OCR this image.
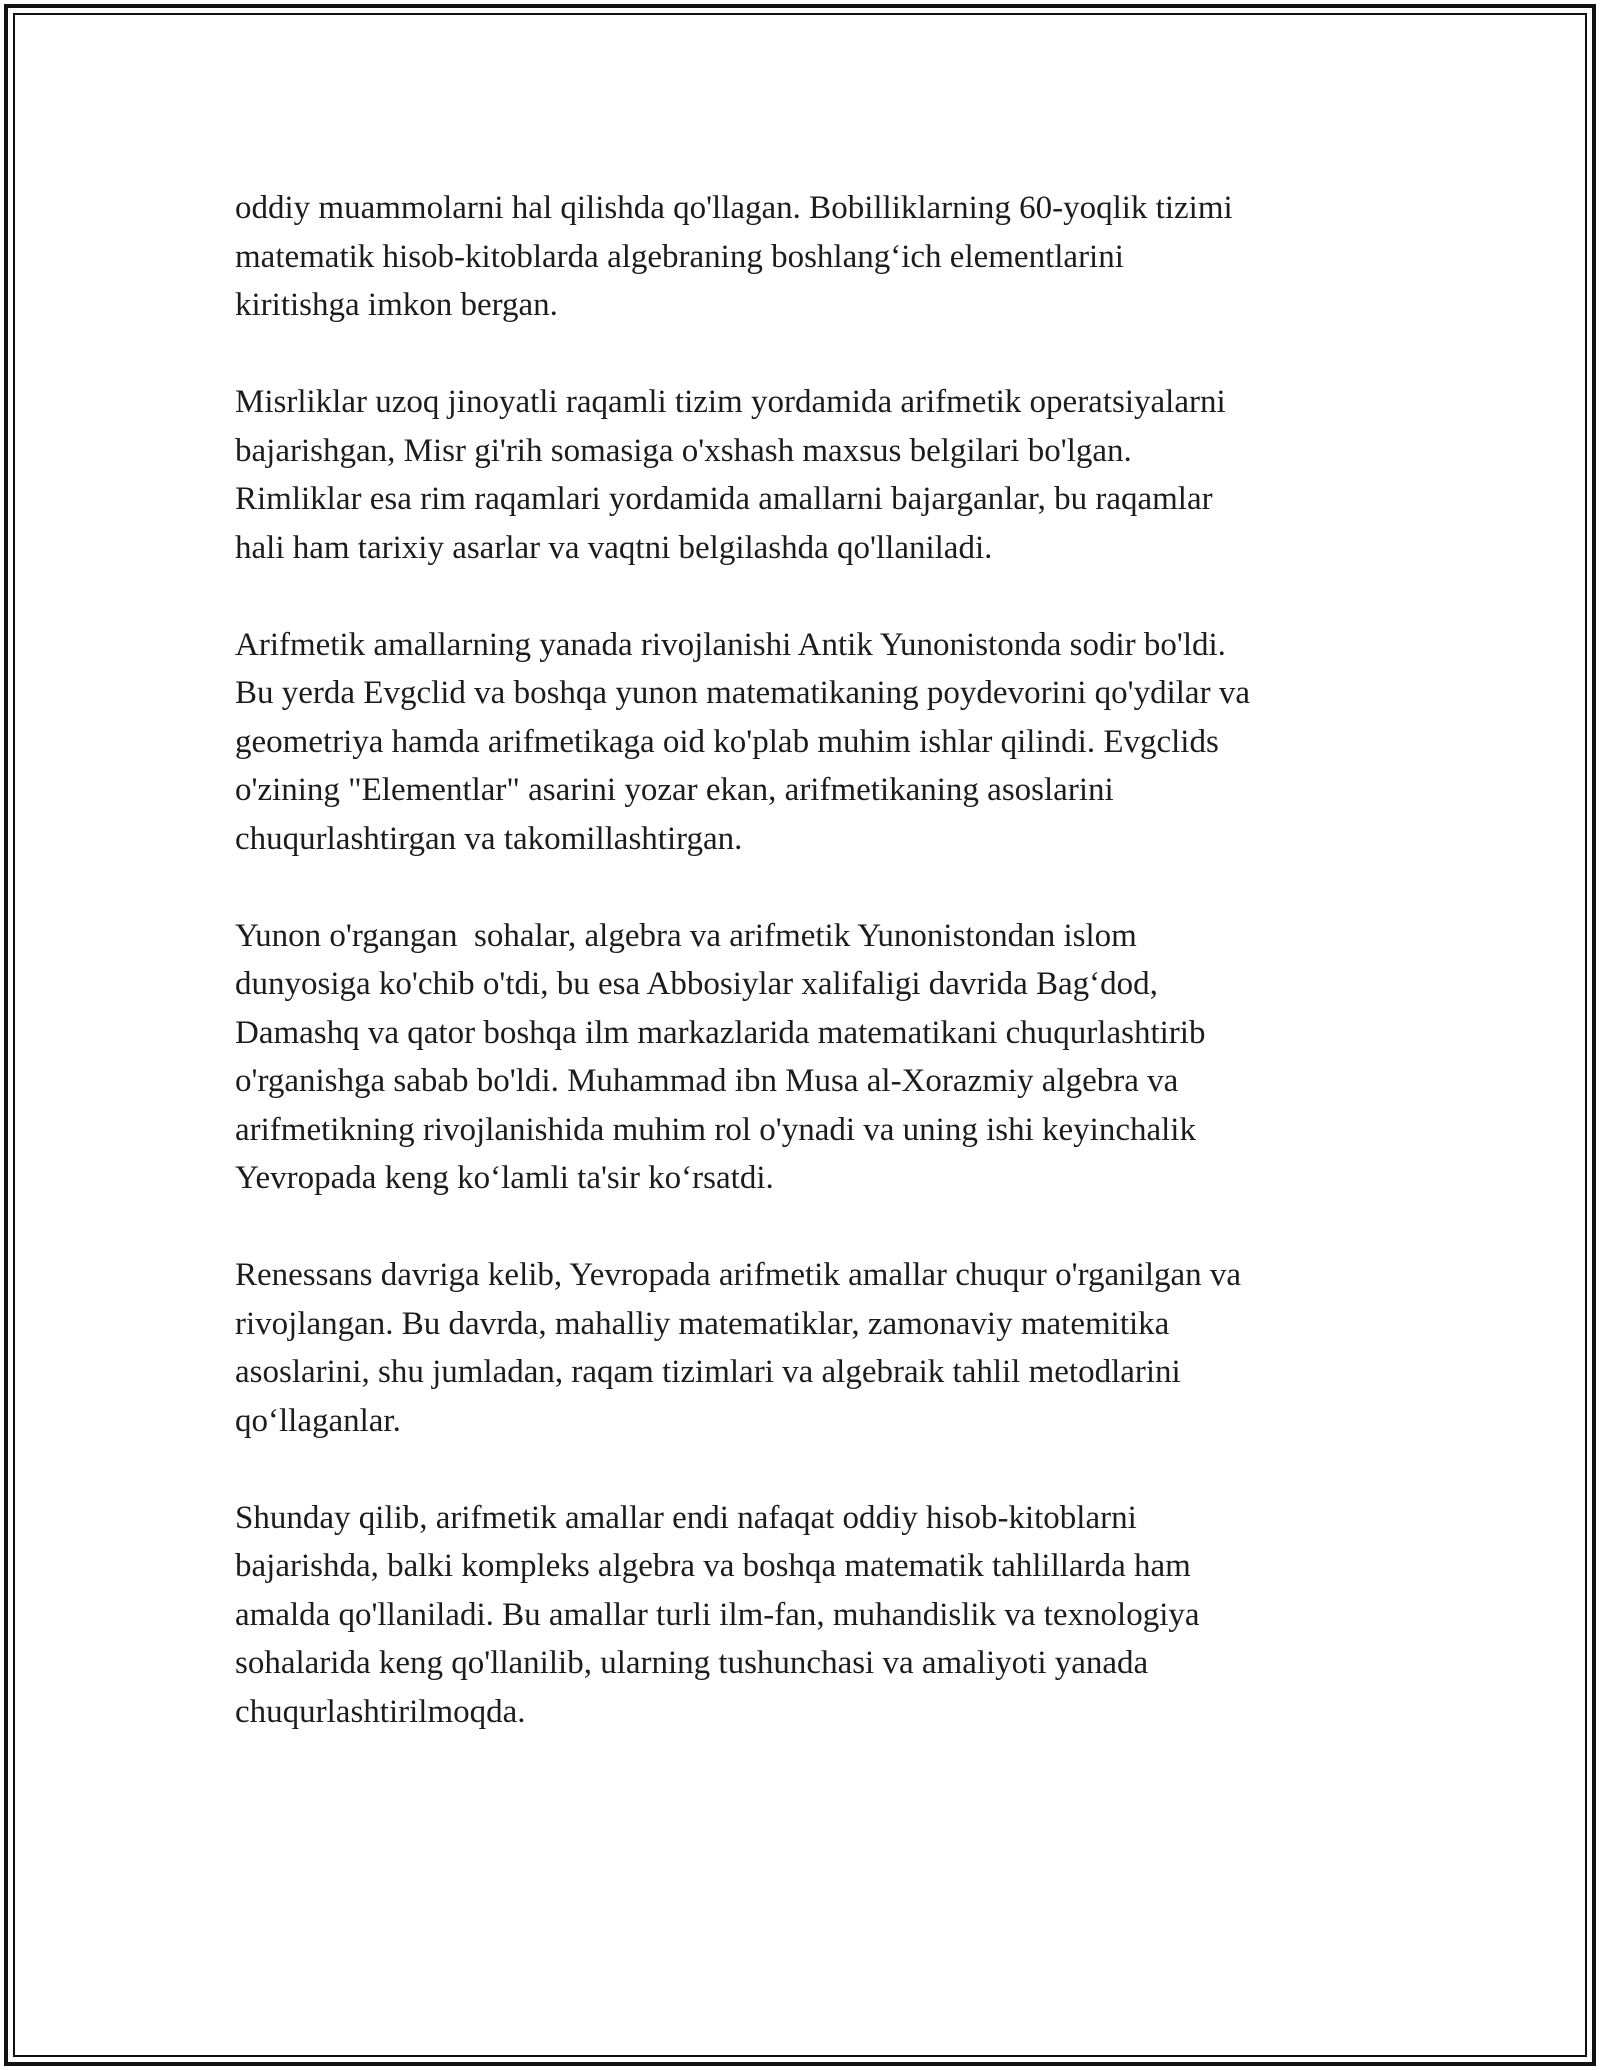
oddiy muammolarni hal qilishda qo'llagan. Bobilliklarning 60-yoqlik tizimi
matematik hisob-kitoblarda algebraning boshlang‘ich elementlarini
kiritishga imkon bergan.

Misrliklar uzoq jinoyatli raqamli tizim yordamida arifmetik operatsiyalarni
bajarishgan, Misr gi'rih somasiga o'xshash maxsus belgilari bo'lgan.
Rimliklar esa rim raqamlari yordamida amallarni bajarganlar, bu raqamlar
hali ham tarixiy asarlar va vaqtni belgilashda qo'llaniladi.

Arifmetik amallarning yanada rivojlanishi Antik Yunonistonda sodir bo'ldi.
Bu yerda Evgclid va boshqa yunon matematikaning poydevorini qo'ydilar va
geometriya hamda arifmetikaga oid ko'plab muhim ishlar qilindi. Evgclids
o'zining "Elementlar" asarini yozar ekan, arifmetikaning asoslarini
chuqurlashtirgan va takomillashtirgan.

Yunon o'rgangan  sohalar, algebra va arifmetik Yunonistondan islom
dunyosiga ko'chib o'tdi, bu esa Abbosiylar xalifaligi davrida Bag‘dod,
Damashq va qator boshqa ilm markazlarida matematikani chuqurlashtirib
o'rganishga sabab bo'ldi. Muhammad ibn Musa al-Xorazmiy algebra va
arifmetikning rivojlanishida muhim rol o'ynadi va uning ishi keyinchalik
Yevropada keng ko‘lamli ta'sir ko‘rsatdi.

Renessans davriga kelib, Yevropada arifmetik amallar chuqur o'rganilgan va
rivojlangan. Bu davrda, mahalliy matematiklar, zamonaviy matemitika
asoslarini, shu jumladan, raqam tizimlari va algebraik tahlil metodlarini
qo‘llaganlar.

Shunday qilib, arifmetik amallar endi nafaqat oddiy hisob-kitoblarni
bajarishda, balki kompleks algebra va boshqa matematik tahlillarda ham
amalda qo'llaniladi. Bu amallar turli ilm-fan, muhandislik va texnologiya
sohalarida keng qo'llanilib, ularning tushunchasi va amaliyoti yanada
chuqurlashtirilmoqda.
